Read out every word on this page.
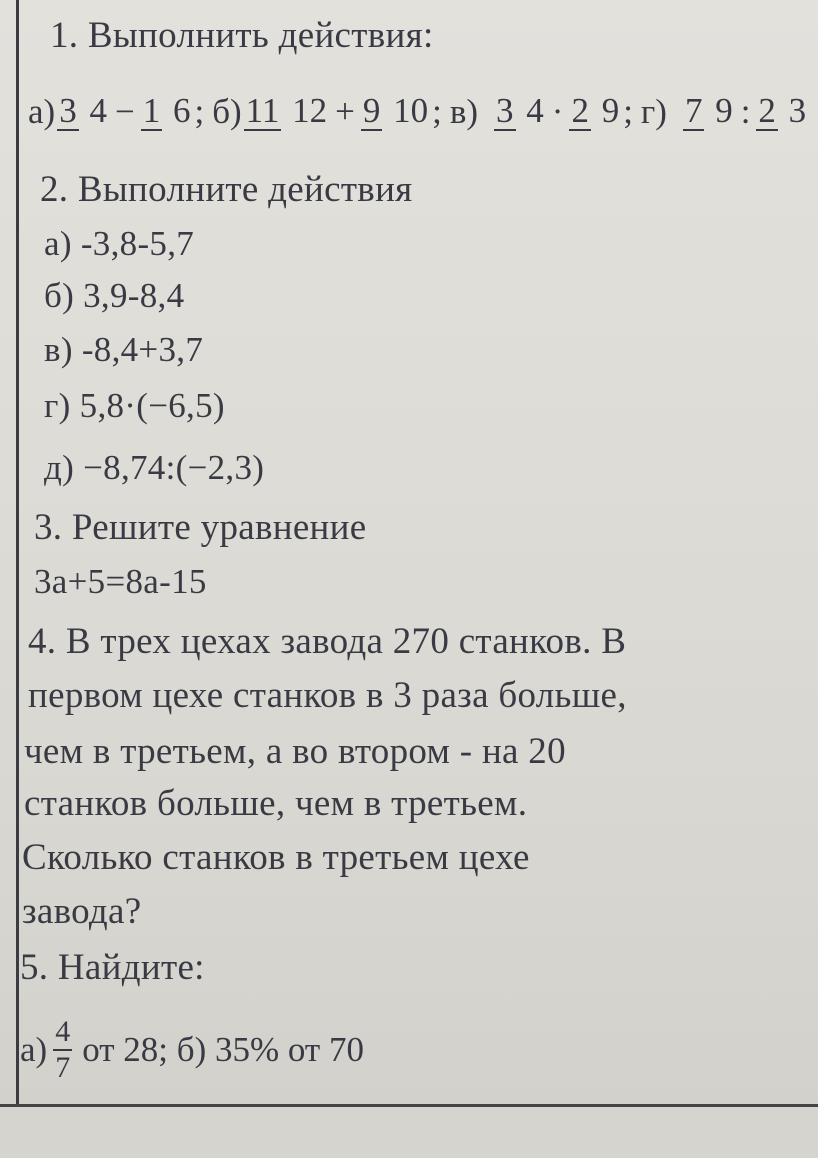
1. Выполнить действия:
а) 3 4 − 1 6 ; б) 11 12 + 9 10 ; в) 3 4 · 2 9 ; г) 7 9 : 2 3
2. Выполните действия
а) -3,8-5,7
б) 3,9-8,4
в) -8,4+3,7
г) 5,8·(−6,5)
д) −8,74:(−2,3)
3. Решите уравнение
3a+5=8a-15
4. В трех цехах завода 270 станков. В
первом цехе станков в 3 раза больше,
чем в третьем, а во втором - на 20
станков больше, чем в третьем.
Сколько станков в третьем цехе
завода?
5. Найдите:
$а) \frac{4}{7}$ от 28; б) 35% от 70
